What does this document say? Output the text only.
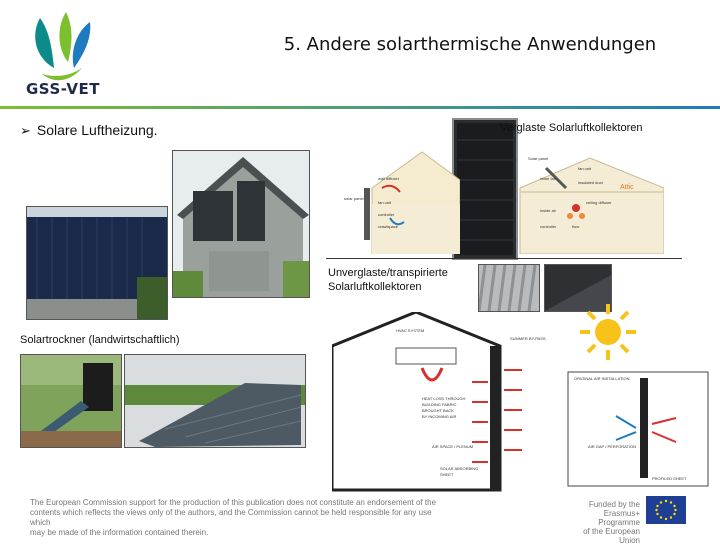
GSS-VET
5. Andere solarthermische Anwendungen
➢ Solare Luftheizung.	Verglaste Solarluftkollektoren
wall diffuser
solar panel
fan unit
controller
crawlspace
Solar panel
fan unit
inline fan
insulated duct
Attic
ceiling diffuser
inside air
controller	flow
Unverglaste/transpirierte
Solarluftkollektoren
HVAC SYSTEM
SUMMER BY-PASS
HEAT LOSS THROUGH
BUILDING FABRIC
BROUGHT BACK
BY INCOMING AIR
AIR SPACE / PLENUM
SOLAR ABSORBING
SHEET
ORIGINAL AIR INSTALLATION
AIR GAP / PERFORATION
PROFILED SHEET
Solartrockner (landwirtschaftlich)
The European Commission support for the production of this publication does not constitute an endorsement of the
contents which reflects the views only of the authors, and the Commission cannot be held responsible for any use which
may be made of the information contained therein.
Funded by the
Erasmus+ Programme
of the European Union
